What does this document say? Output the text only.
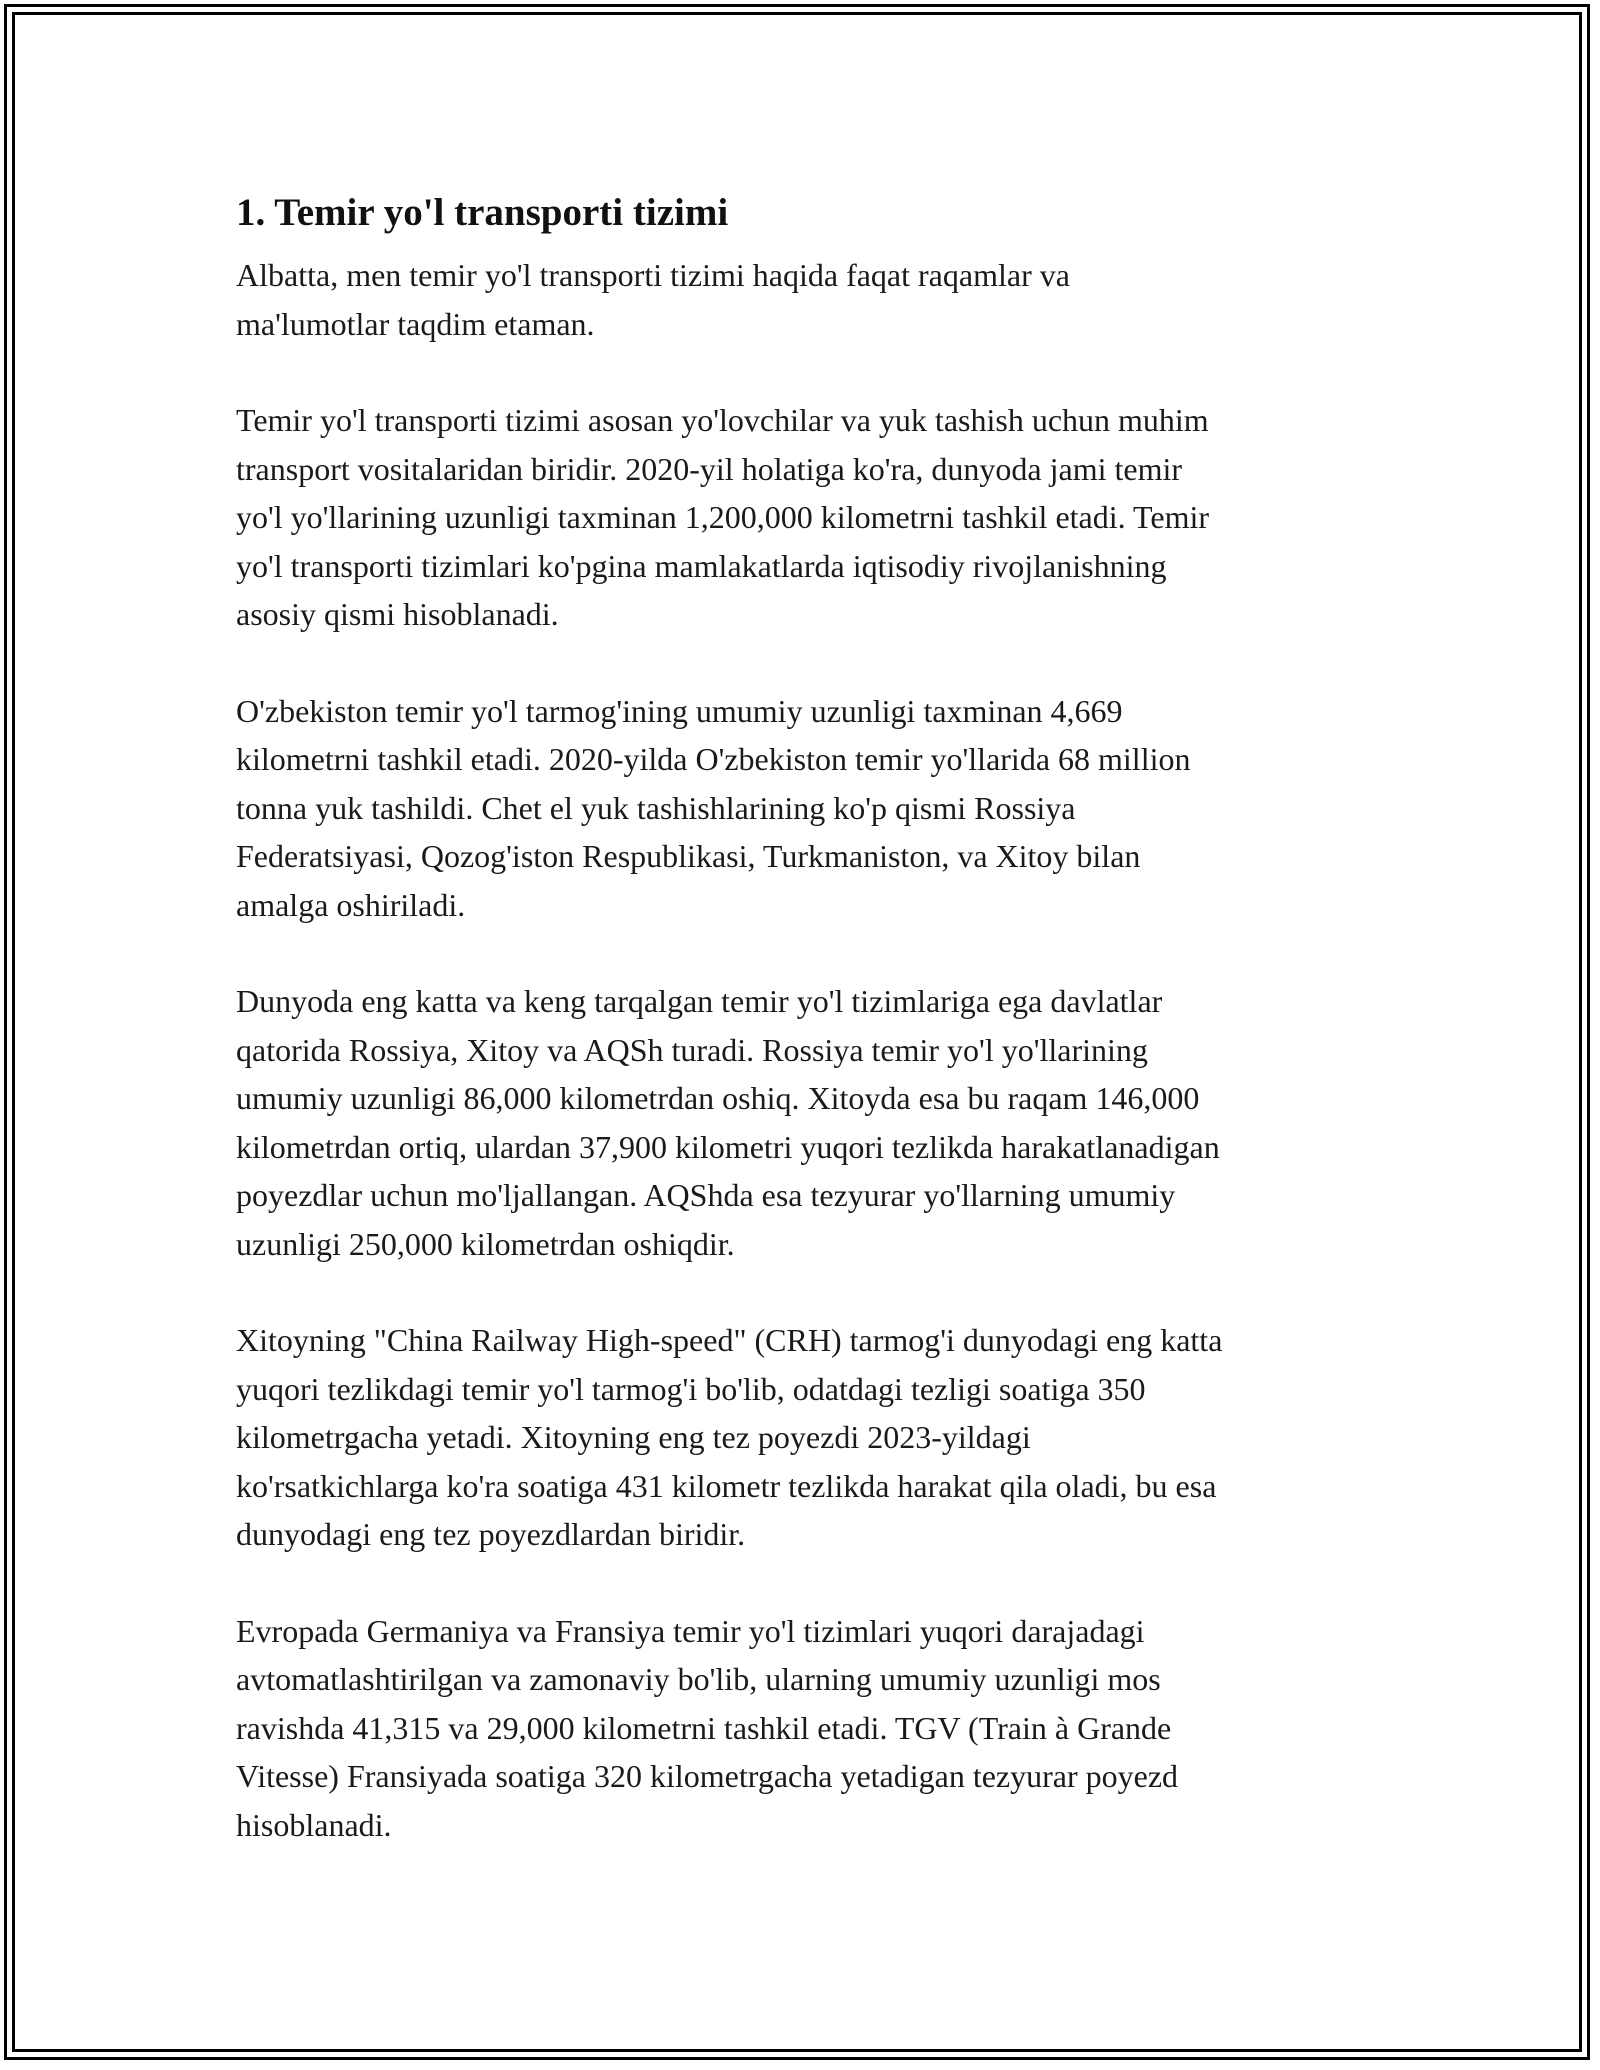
1. Temir yo'l transporti tizimi

Albatta, men temir yo'l transporti tizimi haqida faqat raqamlar va
ma'lumotlar taqdim etaman.

Temir yo'l transporti tizimi asosan yo'lovchilar va yuk tashish uchun muhim
transport vositalaridan biridir. 2020-yil holatiga ko'ra, dunyoda jami temir
yo'l yo'llarining uzunligi taxminan 1,200,000 kilometrni tashkil etadi. Temir
yo'l transporti tizimlari ko'pgina mamlakatlarda iqtisodiy rivojlanishning
asosiy qismi hisoblanadi.

O'zbekiston temir yo'l tarmog'ining umumiy uzunligi taxminan 4,669
kilometrni tashkil etadi. 2020-yilda O'zbekiston temir yo'llarida 68 million
tonna yuk tashildi. Chet el yuk tashishlarining ko'p qismi Rossiya
Federatsiyasi, Qozog'iston Respublikasi, Turkmaniston, va Xitoy bilan
amalga oshiriladi.

Dunyoda eng katta va keng tarqalgan temir yo'l tizimlariga ega davlatlar
qatorida Rossiya, Xitoy va AQSh turadi. Rossiya temir yo'l yo'llarining
umumiy uzunligi 86,000 kilometrdan oshiq. Xitoyda esa bu raqam 146,000
kilometrdan ortiq, ulardan 37,900 kilometri yuqori tezlikda harakatlanadigan
poyezdlar uchun mo'ljallangan. AQShda esa tezyurar yo'llarning umumiy
uzunligi 250,000 kilometrdan oshiqdir.

Xitoyning "China Railway High-speed" (CRH) tarmog'i dunyodagi eng katta
yuqori tezlikdagi temir yo'l tarmog'i bo'lib, odatdagi tezligi soatiga 350
kilometrgacha yetadi. Xitoyning eng tez poyezdi 2023-yildagi
ko'rsatkichlarga ko'ra soatiga 431 kilometr tezlikda harakat qila oladi, bu esa
dunyodagi eng tez poyezdlardan biridir.

Evropada Germaniya va Fransiya temir yo'l tizimlari yuqori darajadagi
avtomatlashtirilgan va zamonaviy bo'lib, ularning umumiy uzunligi mos
ravishda 41,315 va 29,000 kilometrni tashkil etadi. TGV (Train à Grande
Vitesse) Fransiyada soatiga 320 kilometrgacha yetadigan tezyurar poyezd
hisoblanadi.
